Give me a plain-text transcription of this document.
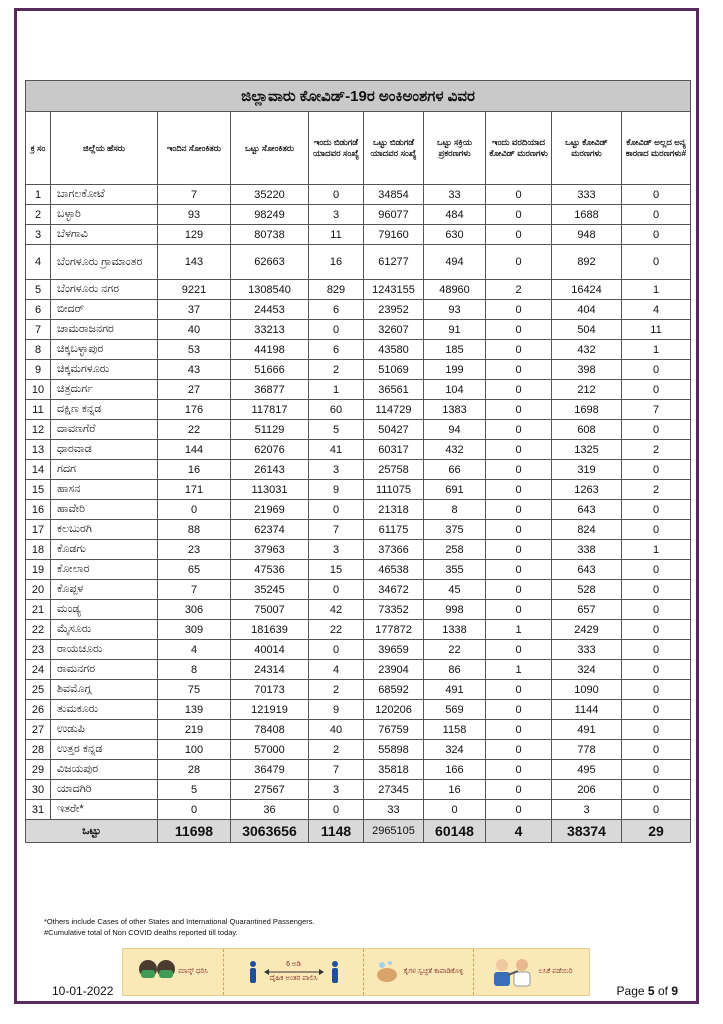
ಜಿಲ್ಲಾವಾರು ಕೋವಿಡ್-19ರ ಅಂಕಿಅಂಶಗಳ ವಿವರ									
ಕ್ರ ಸಂ	ಜಿಲ್ಲೆಯ ಹೆಸರು	ಇಂದಿನ ಸೋಂಕಿತರು	ಒಟ್ಟು ಸೋಂಕಿತರು	ಇಂದು ಬಿಡುಗಡೆ ಯಾದವರ ಸಂಖ್ಯೆ	ಒಟ್ಟು ಬಿಡುಗಡೆ ಯಾದವರ ಸಂಖ್ಯೆ	ಒಟ್ಟು ಸಕ್ರಿಯ ಪ್ರಕರಣಗಳು	ಇಂದು ವರದಿಯಾದ ಕೋವಿಡ್ ಮರಣಗಳು	ಒಟ್ಟು ಕೋವಿಡ್ ಮರಣಗಳು	ಕೋವಿಡ್ ಅಲ್ಲದ ಅನ್ಯ ಕಾರಣದ ಮರಣಗಳು#
1	ಬಾಗಲಕೋಟೆ	7	35220	0	34854	33	0	333	0
2	ಬಳ್ಳಾರಿ	93	98249	3	96077	484	0	1688	0
3	ಬೆಳಗಾವಿ	129	80738	11	79160	630	0	948	0
4	ಬೆಂಗಳೂರು ಗ್ರಾಮಾಂತರ	143	62663	16	61277	494	0	892	0
5	ಬೆಂಗಳೂರು ನಗರ	9221	1308540	829	1243155	48960	2	16424	1
6	ಬೀದರ್	37	24453	6	23952	93	0	404	4
7	ಚಾಮರಾಜನಗರ	40	33213	0	32607	91	0	504	11
8	ಚಿಕ್ಕಬಳ್ಳಾಪುರ	53	44198	6	43580	185	0	432	1
9	ಚಿಕ್ಕಮಗಳೂರು	43	51666	2	51069	199	0	398	0
10	ಚಿತ್ರದುರ್ಗ	27	36877	1	36561	104	0	212	0
11	ದಕ್ಷಿಣ ಕನ್ನಡ	176	117817	60	114729	1383	0	1698	7
12	ದಾವಣಗೆರೆ	22	51129	5	50427	94	0	608	0
13	ಧಾರವಾಡ	144	62076	41	60317	432	0	1325	2
14	ಗದಗ	16	26143	3	25758	66	0	319	0
15	ಹಾಸನ	171	113031	9	111075	691	0	1263	2
16	ಹಾವೇರಿ	0	21969	0	21318	8	0	643	0
17	ಕಲಬುರಗಿ	88	62374	7	61175	375	0	824	0
18	ಕೊಡಗು	23	37963	3	37366	258	0	338	1
19	ಕೋಲಾರ	65	47536	15	46538	355	0	643	0
20	ಕೊಪ್ಪಳ	7	35245	0	34672	45	0	528	0
21	ಮಂಡ್ಯ	306	75007	42	73352	998	0	657	0
22	ಮೈಸೂರು	309	181639	22	177872	1338	1	2429	0
23	ರಾಯಚೂರು	4	40014	0	39659	22	0	333	0
24	ರಾಮನಗರ	8	24314	4	23904	86	1	324	0
25	ಶಿವಮೊಗ್ಗ	75	70173	2	68592	491	0	1090	0
26	ತುಮಕೂರು	139	121919	9	120206	569	0	1144	0
27	ಉಡುಪಿ	219	78408	40	76759	1158	0	491	0
28	ಉತ್ತರ ಕನ್ನಡ	100	57000	2	55898	324	0	778	0
29	ವಿಜಯಪುರ	28	36479	7	35818	166	0	495	0
30	ಯಾದಗಿರಿ	5	27567	3	27345	16	0	206	0
31	ಇತರೇ*	0	36	0	33	0	0	3	0
ಒಟ್ಟು		11698	3063656	1148	2965105	60148	4	38374	29
*Others include Cases of other States and International Quarantined Passengers.
#Cumulative total of Non COVID deaths reported till today.
ಮಾಸ್ಕ್ ಧರಿಸಿ
6 ಅಡಿ
ದೈಹಿಕ ಅಂತರ ಪಾಲಿಸಿ
ಕೈಗಳ ಸ್ವಚ್ಛತೆ ಕಾಪಾಡಿಕೊಳ್ಳಿ	ಲಸಿಕೆ ಪಡೆಯಿರಿ
10-01-2022	Page 5 of 9
